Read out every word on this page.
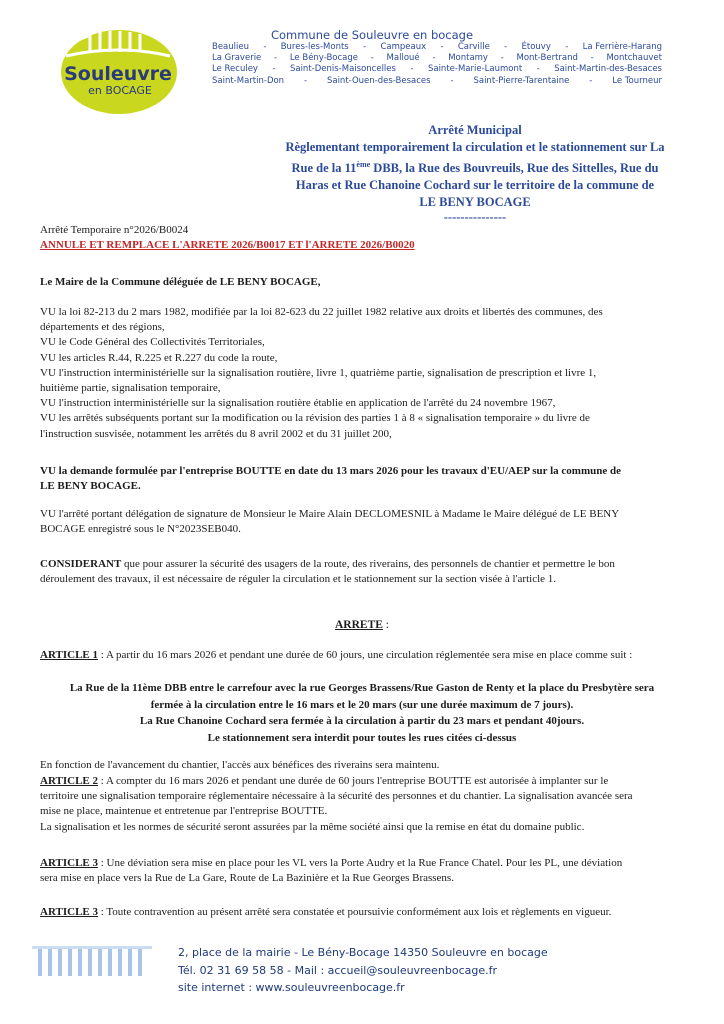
Souleuvre
en BOCAGE
Commune de Souleuvre en bocage
Beaulieu - Bures-les-Monts - Campeaux - Carville - Étouvy - La Ferrière-Harang
La Graverie - Le Bény-Bocage - Malloué - Montamy - Mont-Bertrand - Montchauvet
Le Reculey - Saint-Denis-Maisoncelles - Sainte-Marie-Laumont - Saint-Martin-des-Besaces
Saint-Martin-Don - Saint-Ouen-des-Besaces - Saint-Pierre-Tarentaine - Le Tourneur
Arrêté Municipal
Règlementant temporairement la circulation et le stationnement sur La
Rue de la 11ème DBB, la Rue des Bouvreuils, Rue des Sittelles, Rue du
Haras et Rue Chanoine Cochard sur le territoire de la commune de
LE BENY BOCAGE
---------------
Arrêté Temporaire n°2026/B0024
ANNULE ET REMPLACE L'ARRETE 2026/B0017 ET l'ARRETE 2026/B0020
Le Maire de la Commune déléguée de LE BENY BOCAGE,
VU la loi 82-213 du 2 mars 1982, modifiée par la loi 82-623 du 22 juillet 1982 relative aux droits et libertés des communes, des
départements et des régions,
VU le Code Général des Collectivités Territoriales,
VU les articles R.44, R.225 et R.227 du code la route,
VU l'instruction interministérielle sur la signalisation routière, livre 1, quatrième partie, signalisation de prescription et livre 1,
huitième partie, signalisation temporaire,
VU l'instruction interministérielle sur la signalisation routière établie en application de l'arrêté du 24 novembre 1967,
VU les arrêtés subséquents portant sur la modification ou la révision des parties 1 à 8 « signalisation temporaire » du livre de
l'instruction susvisée, notamment les arrêtés du 8 avril 2002 et du 31 juillet 200,
VU la demande formulée par l'entreprise BOUTTE en date du 13 mars 2026 pour les travaux d'EU/AEP sur la commune de
LE BENY BOCAGE.
VU l'arrêté portant délégation de signature de Monsieur le Maire Alain DECLOMESNIL à Madame le Maire délégué de LE BENY
BOCAGE enregistré sous le N°2023SEB040.
CONSIDERANT que pour assurer la sécurité des usagers de la route, des riverains, des personnels de chantier et permettre le bon
déroulement des travaux, il est nécessaire de réguler la circulation et le stationnement sur la section visée à l'article 1.
ARRETE :
ARTICLE 1 : A partir du 16 mars 2026 et pendant une durée de 60 jours, une circulation réglementée sera mise en place comme suit :
La Rue de la 11ème DBB entre le carrefour avec la rue Georges Brassens/Rue Gaston de Renty et la place du Presbytère sera
fermée à la circulation entre le 16 mars et le 20 mars (sur une durée maximum de 7 jours).
La Rue Chanoine Cochard sera fermée à la circulation à partir du 23 mars et pendant 40jours.
Le stationnement sera interdit pour toutes les rues citées ci-dessus
En fonction de l'avancement du chantier, l'accès aux bénéfices des riverains sera maintenu.
ARTICLE 2 : A compter du 16 mars 2026 et pendant une durée de 60 jours l'entreprise BOUTTE est autorisée à implanter sur le
territoire une signalisation temporaire réglementaire nécessaire à la sécurité des personnes et du chantier. La signalisation avancée sera
mise ne place, maintenue et entretenue par l'entreprise BOUTTE.
La signalisation et les normes de sécurité seront assurées par la même société ainsi que la remise en état du domaine public.
ARTICLE 3 : Une déviation sera mise en place pour les VL vers la Porte Audry et la Rue France Chatel. Pour les PL, une déviation
sera mise en place vers la Rue de La Gare, Route de La Bazinière et la Rue Georges Brassens.
ARTICLE 3 : Toute contravention au présent arrêté sera constatée et poursuivie conformément aux lois et règlements en vigueur.
2, place de la mairie - Le Bény-Bocage 14350 Souleuvre en bocage
Tél. 02 31 69 58 58 - Mail : accueil@souleuvreenbocage.fr
site internet : www.souleuvreenbocage.fr
